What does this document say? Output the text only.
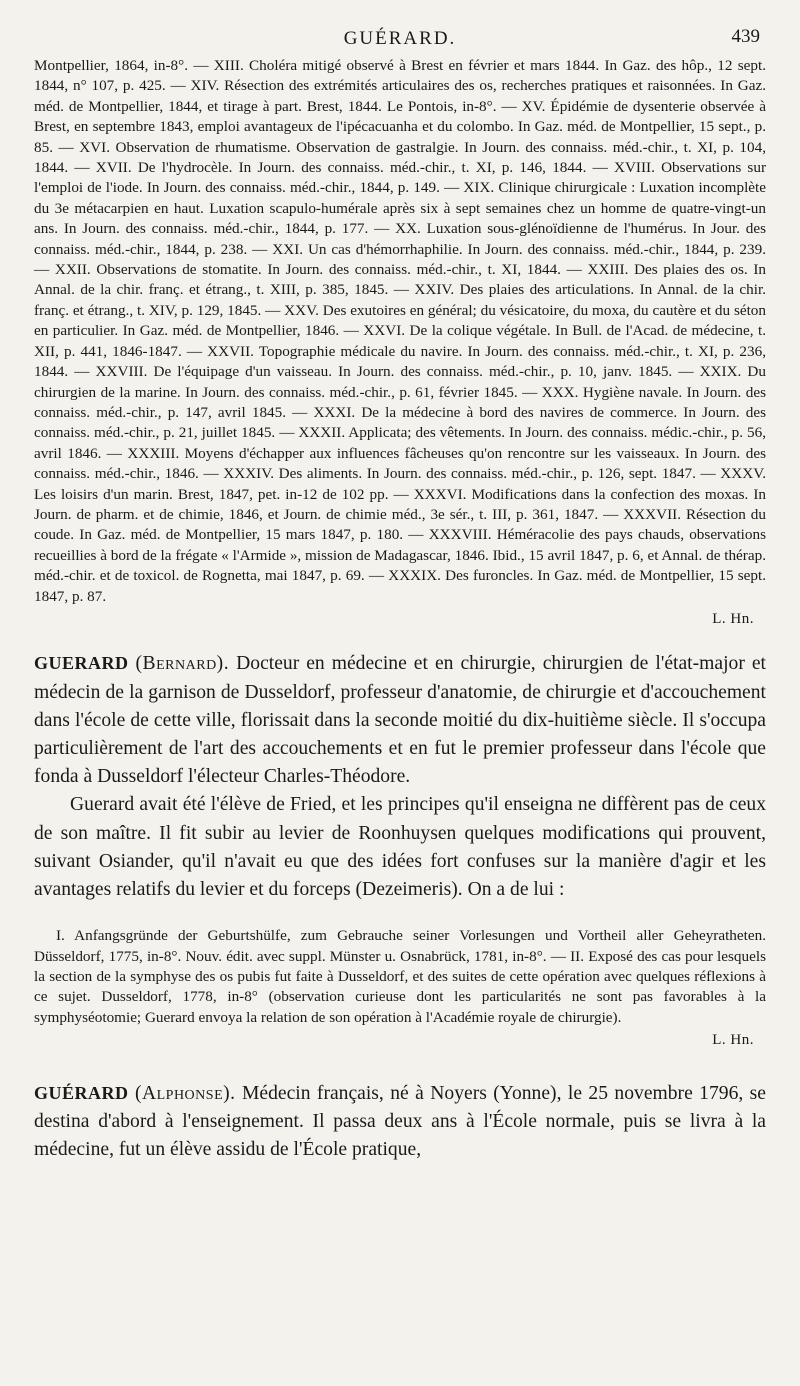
GUÉRARD.	439

Montpellier, 1864, in-8°. — XIII. Choléra mitigé observé à Brest en février et mars 1844. In Gaz. des hôp., 12 sept. 1844, n° 107, p. 425. — XIV. Résection des extrémités articulaires des os, recherches pratiques et raisonnées. In Gaz. méd. de Montpellier, 1844, et tirage à part. Brest, 1844. Le Pontois, in-8°. — XV. Épidémie de dysenterie observée à Brest, en septembre 1843, emploi avantageux de l'ipécacuanha et du colombo. In Gaz. méd. de Montpellier, 15 sept., p. 85. — XVI. Observation de rhumatisme. Observation de gastralgie. In Journ. des connaiss. méd.-chir., t. XI, p. 104, 1844. — XVII. De l'hydrocèle. In Journ. des connaiss. méd.-chir., t. XI, p. 146, 1844. — XVIII. Observations sur l'emploi de l'iode. In Journ. des connaiss. méd.-chir., 1844, p. 149. — XIX. Clinique chirurgicale : Luxation incomplète du 3e métacarpien en haut. Luxation scapulo-humérale après six à sept semaines chez un homme de quatre-vingt-un ans. In Journ. des connaiss. méd.-chir., 1844, p. 177. — XX. Luxation sous-glénoïdienne de l'humérus. In Jour. des connaiss. méd.-chir., 1844, p. 238. — XXI. Un cas d'hémorrhaphilie. In Journ. des connaiss. méd.-chir., 1844, p. 239. — XXII. Observations de stomatite. In Journ. des connaiss. méd.-chir., t. XI, 1844. — XXIII. Des plaies des os. In Annal. de la chir. franç. et étrang., t. XIII, p. 385, 1845. — XXIV. Des plaies des articulations. In Annal. de la chir. franç. et étrang., t. XIV, p. 129, 1845. — XXV. Des exutoires en général; du vésicatoire, du moxa, du cautère et du séton en particulier. In Gaz. méd. de Montpellier, 1846. — XXVI. De la colique végétale. In Bull. de l'Acad. de médecine, t. XII, p. 441, 1846-1847. — XXVII. Topographie médicale du navire. In Journ. des connaiss. méd.-chir., t. XI, p. 236, 1844. — XXVIII. De l'équipage d'un vaisseau. In Journ. des connaiss. méd.-chir., p. 10, janv. 1845. — XXIX. Du chirurgien de la marine. In Journ. des connaiss. méd.-chir., p. 61, février 1845. — XXX. Hygiène navale. In Journ. des connaiss. méd.-chir., p. 147, avril 1845. — XXXI. De la médecine à bord des navires de commerce. In Journ. des connaiss. méd.-chir., p. 21, juillet 1845. — XXXII. Applicata; des vêtements. In Journ. des connaiss. médic.-chir., p. 56, avril 1846. — XXXIII. Moyens d'échapper aux influences fâcheuses qu'on rencontre sur les vaisseaux. In Journ. des connaiss. méd.-chir., 1846. — XXXIV. Des aliments. In Journ. des connaiss. méd.-chir., p. 126, sept. 1847. — XXXV. Les loisirs d'un marin. Brest, 1847, pet. in-12 de 102 pp. — XXXVI. Modifications dans la confection des moxas. In Journ. de pharm. et de chimie, 1846, et Journ. de chimie méd., 3e sér., t. III, p. 361, 1847. — XXXVII. Résection du coude. In Gaz. méd. de Montpellier, 15 mars 1847, p. 180. — XXXVIII. Héméracolie des pays chauds, observations recueillies à bord de la frégate « l'Armide », mission de Madagascar, 1846. Ibid., 15 avril 1847, p. 6, et Annal. de thérap. méd.-chir. et de toxicol. de Rognetta, mai 1847, p. 69. — XXXIX. Des furoncles. In Gaz. méd. de Montpellier, 15 sept. 1847, p. 87.

L. Hn.

GUERARD (Bernard). Docteur en médecine et en chirurgie, chirurgien de l'état-major et médecin de la garnison de Dusseldorf, professeur d'anatomie, de chirurgie et d'accouchement dans l'école de cette ville, florissait dans la seconde moitié du dix-huitième siècle. Il s'occupa particulièrement de l'art des accouchements et en fut le premier professeur dans l'école que fonda à Dusseldorf l'électeur Charles-Théodore.

Guerard avait été l'élève de Fried, et les principes qu'il enseigna ne diffèrent pas de ceux de son maître. Il fit subir au levier de Roonhuysen quelques modifications qui prouvent, suivant Osiander, qu'il n'avait eu que des idées fort confuses sur la manière d'agir et les avantages relatifs du levier et du forceps (Dezeimeris). On a de lui :

I. Anfangsgründe der Geburtshülfe, zum Gebrauche seiner Vorlesungen und Vortheil aller Geheyratheten. Düsseldorf, 1775, in-8°. Nouv. édit. avec suppl. Münster u. Osnabrück, 1781, in-8°. — II. Exposé des cas pour lesquels la section de la symphyse des os pubis fut faite à Dusseldorf, et des suites de cette opération avec quelques réflexions à ce sujet. Dusseldorf, 1778, in-8° (observation curieuse dont les particularités ne sont pas favorables à la symphyséotomie; Guerard envoya la relation de son opération à l'Académie royale de chirurgie).

L. Hn.

GUÉRARD (Alphonse). Médecin français, né à Noyers (Yonne), le 25 novembre 1796, se destina d'abord à l'enseignement. Il passa deux ans à l'École normale, puis se livra à la médecine, fut un élève assidu de l'École pratique,
